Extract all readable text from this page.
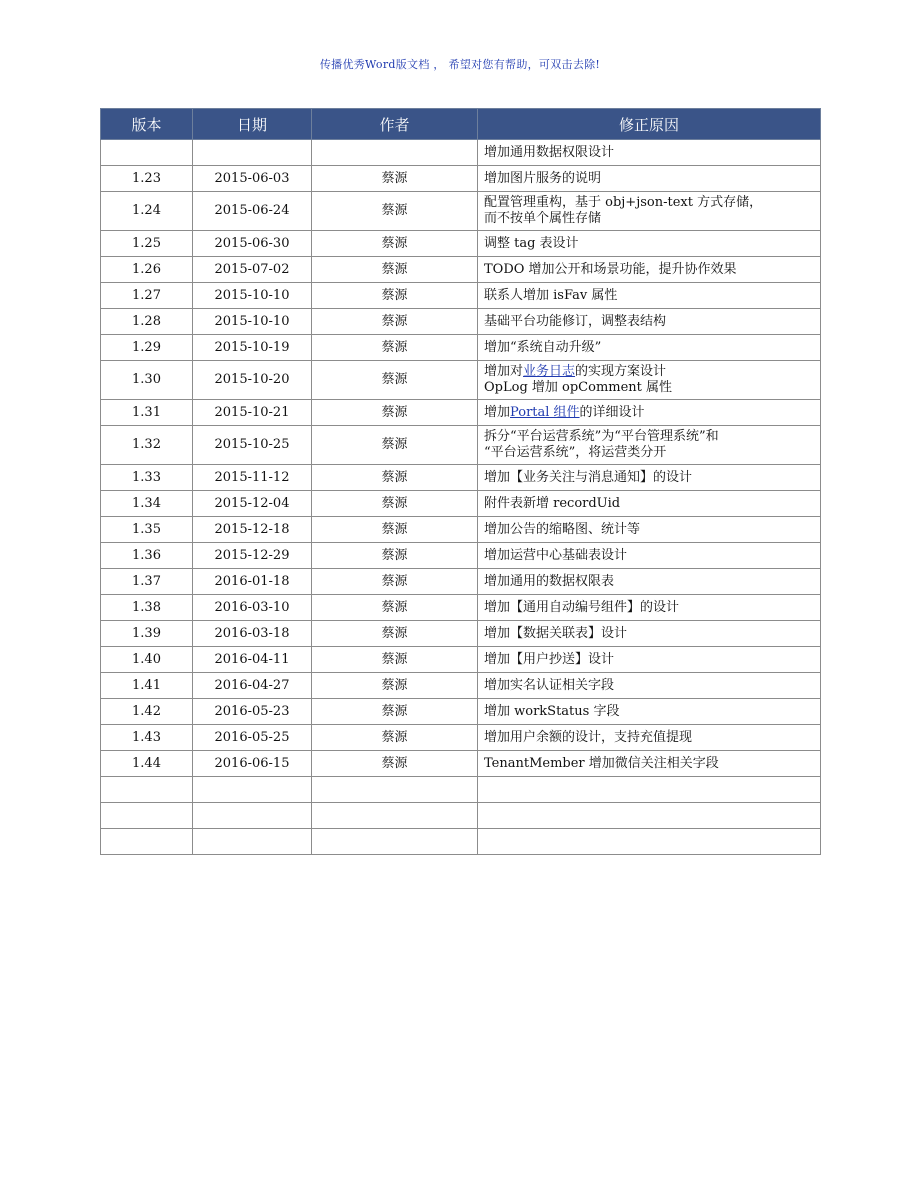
传播优秀Word版文档 ， 希望对您有帮助，可双击去除!
版本	日期	作者	修正原因
			增加通用数据权限设计
1.23	2015-06-03	蔡源	增加图片服务的说明
1.24	2015-06-24	蔡源	配置管理重构，基于 obj+json-text 方式存储，
而不按单个属性存储

1.25	2015-06-30	蔡源	调整 tag 表设计
1.26	2015-07-02	蔡源	TODO 增加公开和场景功能，提升协作效果
1.27	2015-10-10	蔡源	联系人增加 isFav 属性
1.28	2015-10-10	蔡源	基础平台功能修订，调整表结构
1.29	2015-10-19	蔡源	增加“系统自动升级”
1.30	2015-10-20	蔡源	增加对业务日志的实现方案设计
OpLog 增加 opComment 属性

1.31	2015-10-21	蔡源	增加Portal 组件的详细设计
1.32	2015-10-25	蔡源	拆分“平台运营系统”为“平台管理系统”和
“平台运营系统”，将运营类分开

1.33	2015-11-12	蔡源	增加【业务关注与消息通知】的设计
1.34	2015-12-04	蔡源	附件表新增 recordUid
1.35	2015-12-18	蔡源	增加公告的缩略图、统计等
1.36	2015-12-29	蔡源	增加运营中心基础表设计
1.37	2016-01-18	蔡源	增加通用的数据权限表
1.38	2016-03-10	蔡源	增加【通用自动编号组件】的设计
1.39	2016-03-18	蔡源	增加【数据关联表】设计
1.40	2016-04-11	蔡源	增加【用户抄送】设计
1.41	2016-04-27	蔡源	增加实名认证相关字段
1.42	2016-05-23	蔡源	增加 workStatus 字段
1.43	2016-05-25	蔡源	增加用户余额的设计，支持充值提现
1.44	2016-06-15	蔡源	TenantMember 增加微信关注相关字段
